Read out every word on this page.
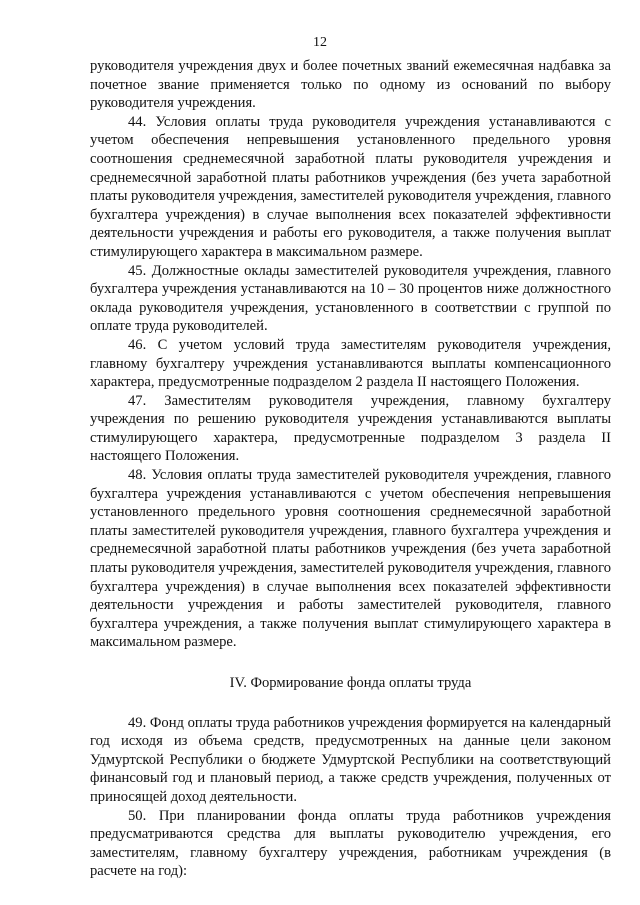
12

руководителя учреждения двух и более почетных званий ежемесячная надбавка за почетное звание применяется только по одному из оснований по выбору руководителя учреждения.

44. Условия оплаты труда руководителя учреждения устанавливаются с учетом обеспечения непревышения установленного предельного уровня соотношения среднемесячной заработной платы руководителя учреждения и среднемесячной заработной платы работников учреждения (без учета заработной платы руководителя учреждения, заместителей руководителя учреждения, главного бухгалтера учреждения) в случае выполнения всех показателей эффективности деятельности учреждения и работы его руководителя, а также получения выплат стимулирующего характера в максимальном размере.

45. Должностные оклады заместителей руководителя учреждения, главного бухгалтера учреждения устанавливаются на 10 – 30 процентов ниже должностного оклада руководителя учреждения, установленного в соответствии с группой по оплате труда руководителей.

46. С учетом условий труда заместителям руководителя учреждения, главному бухгалтеру учреждения устанавливаются выплаты компенсационного характера, предусмотренные подразделом 2 раздела II настоящего Положения.

47. Заместителям руководителя учреждения, главному бухгалтеру учреждения по решению руководителя учреждения устанавливаются выплаты стимулирующего характера, предусмотренные подразделом 3 раздела II настоящего Положения.

48. Условия оплаты труда заместителей руководителя учреждения, главного бухгалтера учреждения устанавливаются с учетом обеспечения непревышения установленного предельного уровня соотношения среднемесячной заработной платы заместителей руководителя учреждения, главного бухгалтера учреждения и среднемесячной заработной платы работников учреждения (без учета заработной платы руководителя учреждения, заместителей руководителя учреждения, главного бухгалтера учреждения) в случае выполнения всех показателей эффективности деятельности учреждения и работы заместителей руководителя, главного бухгалтера учреждения, а также получения выплат стимулирующего характера в максимальном размере.

IV. Формирование фонда оплаты труда

49. Фонд оплаты труда работников учреждения формируется на календарный год исходя из объема средств, предусмотренных на данные цели законом Удмуртской Республики о бюджете Удмуртской Республики на соответствующий финансовый год и плановый период, а также средств учреждения, полученных от приносящей доход деятельности.

50. При планировании фонда оплаты труда работников учреждения предусматриваются средства для выплаты руководителю учреждения, его заместителям, главному бухгалтеру учреждения, работникам учреждения (в расчете на год):
